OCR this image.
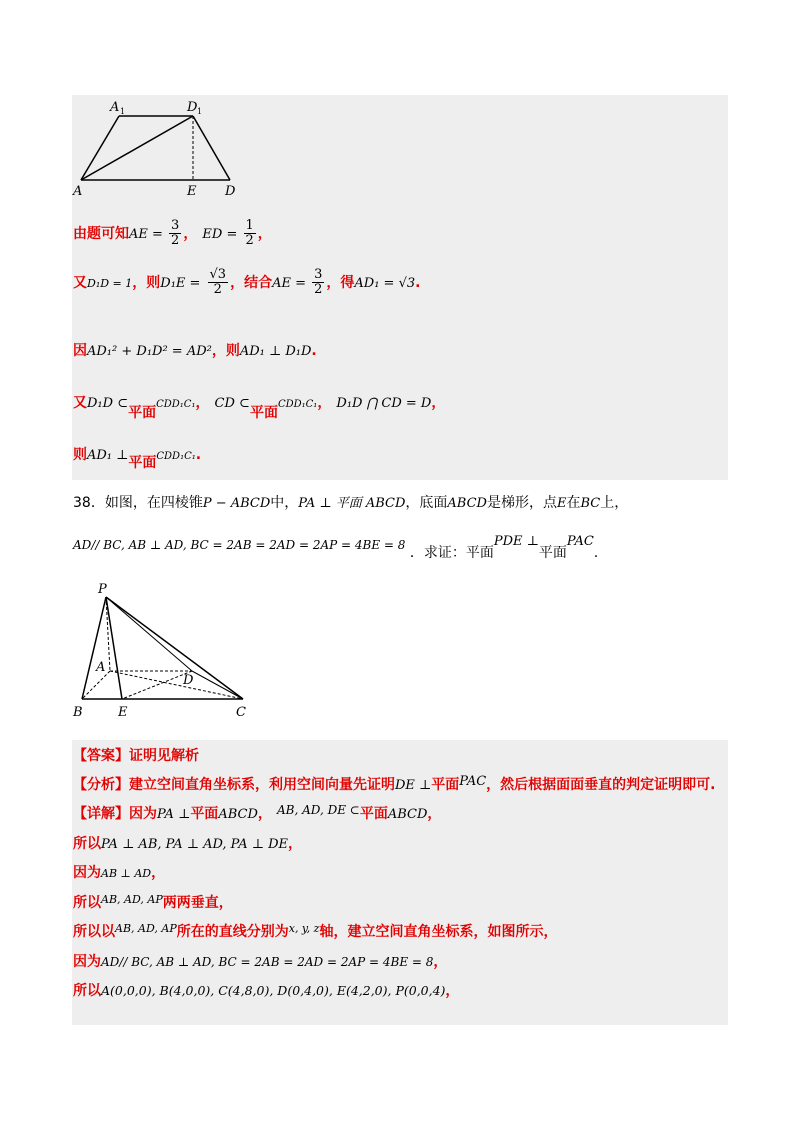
A 1	D 1
A	E D
由题可知AE = $\frac{3}{2}$ ， ED = $\frac{1}{2}$ ，
又D₁D = 1，则$D_1E = \frac{√3}{2}$ ，结合AE = $\frac{3}{2}$ ，得AD₁ = √3.
因AD₁² + D₁D² = AD²，则AD₁ ⊥ D₁D.
又D₁D ⊂平面CDD₁C₁， CD ⊂平面CDD₁C₁， D₁D ⋂ CD = D，
则AD₁ ⊥平面CDD₁C₁.
38．如图，在四棱锥P − ABCD中，PA ⊥ 平面 ABCD，底面ABCD是梯形，点E在BC上，
AD// BC, AB ⊥ AD, BC = 2AB = 2AD = 2AP = 4BE = 8 ．求证：平面PDE ⊥平面PAC.
P
A
D
B	E	C
【答案】证明见解析
【分析】建立空间直角坐标系，利用空间向量先证明DE ⊥平面$^{PAC}$，然后根据面面垂直的判定证明即可.
【详解】因为PA ⊥平面ABCD， $^{AB, AD, DE \subset}$平面ABCD，
所以PA ⊥ AB, PA ⊥ AD, PA ⊥ DE，
因为AB ⊥ AD，
所以$^{AB, AD, AP}$两两垂直，
所以以$^{AB, AD, AP}$所在的直线分别为$^{x, y, z}$轴，建立空间直角坐标系，如图所示，
因为AD// BC, AB ⊥ AD, BC = 2AB = 2AD = 2AP = 4BE = 8，
所以A(0,0,0), B(4,0,0), C(4,8,0), D(0,4,0), E(4,2,0), P(0,0,4)，
